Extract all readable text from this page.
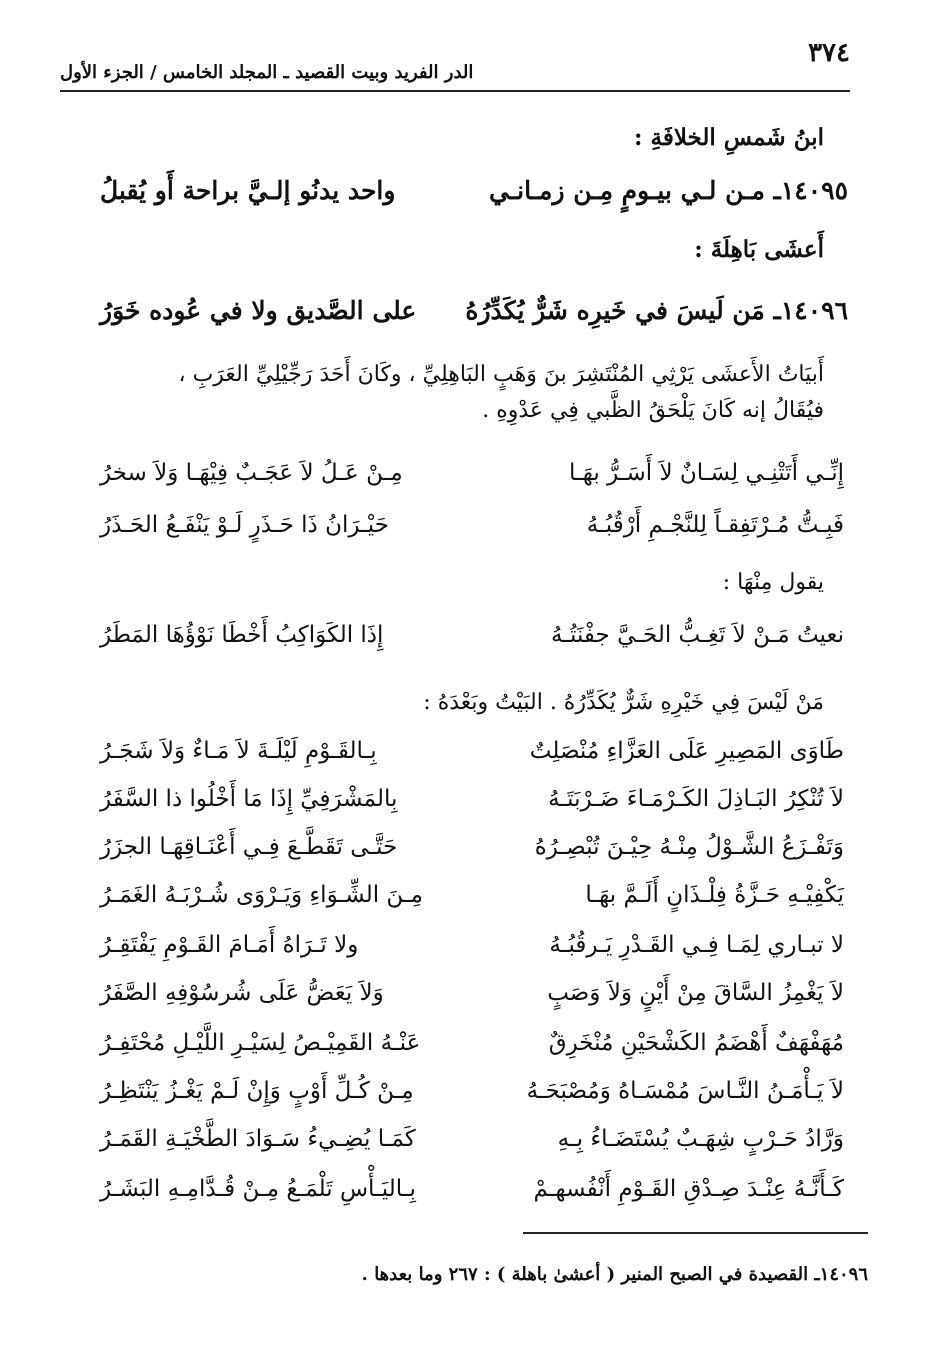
٣٧٤
الدر الفريد وبيت القصيد ـ المجلد الخامس / الجزء الأول
ابنُ شَمسِ الخلافَةِ :
١٤٠٩٥ـ مـن لـي بيـومٍ مِـن زمـانـي
واحد يدنُو إلـيَّ براحة أَو يُقبلُ
أَعشَى بَاهِلَةَ :
١٤٠٩٦ـ مَن لَيسَ في خَيرِه شَرٌّ يُكَدِّرُهُ
على الصَّديق ولا في عُوده خَوَرُ
أَبيَاتُ الأَعشَى يَرْثِي المُنْتَشِرَ بنَ وَهَبٍ البَاهِلِيِّ ، وكَانَ أَحَدَ رَجِّيْلِيِّ العَرَبِ ،
فيُقَالُ إنه كَانَ يَلْحَقُ الظَّبي فِي عَدْوِهِ .
إِنِّـي أَتَتْنِـي لِسَـانٌ لاَ أَسَـرُّ بهَـا
مِـنْ عَـلُ لاَ عَجَـبٌ فِيْهَـا وَلاَ سخرُ
فَبِـتُّ مُـرْتَفِقـاً لِلنَّجْـمِ أَرْقُبُـهُ
حَيْـرَانُ ذَا حَـذَرٍ لَـوْ يَنْفَـعُ الحَـذَرُ
يقول مِنْهَا :
نعيتُ مَـنْ لاَ تَغِـبُّ الحَـيَّ جفْنَتُـهُ
إِذَا الكَوَاكِبُ أَخْطَا نَوْؤُهَا المَطَرُ
مَنْ لَيْسَ فِي خَيْرِهِ شَرٌّ يُكَدِّرُهُ . البَيْتُ وبَعْدَهُ :
طَاوَى المَصِيرِ عَلَى العَزَّاءِ مُنْصَلِتٌ
بِـالقَـوْمِ لَيْلَـةَ لاَ مَـاءٌ وَلاَ شَجَـرُ
لاَ تُنْكِرُ البَـاذِلَ الكَـرْمَـاءَ ضَـرْبَتَـهُ
بِالمَشْرَفِيِّ إِذَا مَا أَخْلُوا ذا السَّفَرُ
وَتَفْـزَعُ الشَّـوْلُ مِنْـهُ حِيْـنَ تُبْصِـرُهُ
حَتَّـى تَقَطَّـعَ فِـي أَعْنَـاقِهَـا الجزَرُ
يَكْفِيْـهِ حَـزَّةُ فِلْـذَانٍ أَلَـمَّ بهَـا
مِـنَ الشِّـوَاءِ وَيَـرْوَى شُـرْبَـهُ الغَمَـرُ
لا تبـاري لِمَـا فِـي القَـدْرِ يَـرقُبُـهُ
ولا تَـرَاهُ أَمَـامَ القَـوْمِ يَفْتَقِـرُ
لاَ يَغْمِزُ السَّاقَ مِنْ أَيْنٍ وَلاَ وَصَبٍ
وَلاَ يَعَضُّ عَلَى شُرسُوْفِهِ الصَّفَرُ
مُهَفْهَفٌ أَهْضَمُ الكَشْحَيْنِ مُنْخَرِقٌ
عَنْـهُ القَمِيْـصُ لِسَيْـرِ اللَّيْـلِ مُحْتَفِـرُ
لاَ يَـأْمَـنُ النَّـاسَ مُمْسَـاهُ وَمُصْبَحَـهُ
مِـنْ كُـلِّ أَوْبٍ وَإِنْ لَـمْ يَغْـزُ يَنْتَظِـرُ
وَرَّادُ حَـرْبٍ شِهَـبٌ يُسْتَضَـاءُ بِـهِ
كَمَـا يُضِـيءُ سَـوَادَ الطَّخْيَـةِ القَمَـرُ
كَـأَنَّـهُ عِنْـدَ صِـدْقِ القَـوْمِ أَنْفُسهـمْ
بِـاليَـأْسِ تَلْمَـعُ مِـنْ قُـدَّامِـهِ البَشَـرُ
١٤٠٩٦ـ القصيدة في الصبح المنير ( أعشىٰ باهلة ) : ٢٦٧ وما بعدها .
